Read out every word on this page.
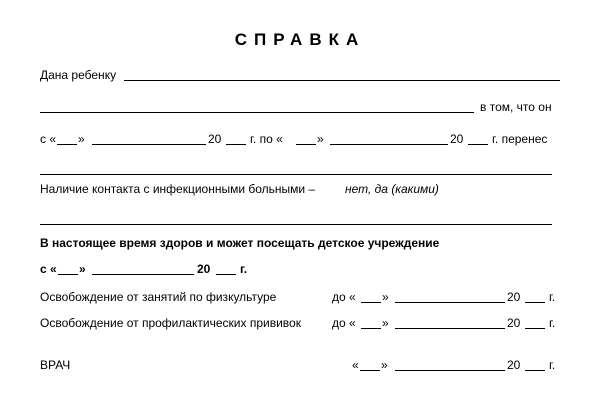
СПРАВКА
Дана ребенку
в том, что он
с « »	20 г. по «	»	20 г. перенес
Наличие контакта с инфекционными больными – нет, да (какими)
В настоящее время здоров и может посещать детское учреждение
с « »	20 г.
Освобождение от занятий по физкультуре	до « »	20 г.
Освобождение от профилактических прививок	до « »	20 г.
ВРАЧ	« »	20 г.
